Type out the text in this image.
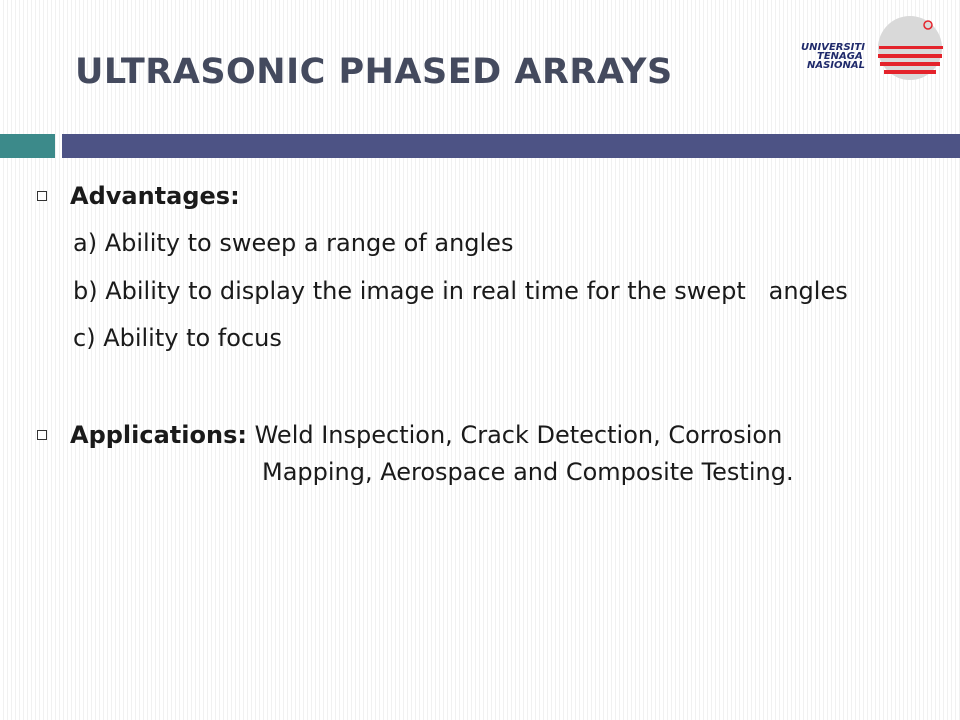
ULTRASONIC PHASED ARRAYS
UNIVERSITI
TENAGA
NASIONAL

Advantages:

a) Ability to sweep a range of angles

b) Ability to display the image in real time for the swept   angles

c) Ability to focus

Applications: Weld Inspection, Crack Detection, Corrosion

Mapping, Aerospace and Composite Testing.
